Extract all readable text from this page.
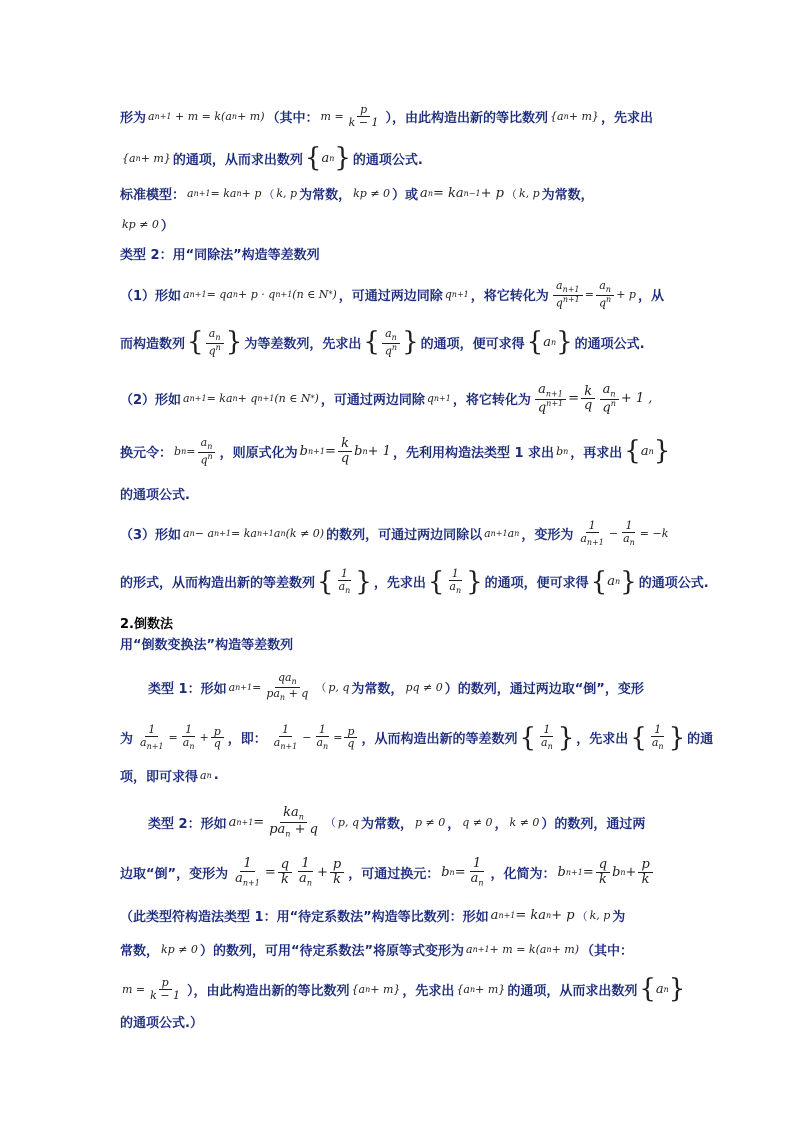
形为 a n+1 + m = k(a n + m) （其中： $m = \frac{p}{k - 1}$ ），由此构造出新的等比数列 {a n + m} ，先求出
{a n + m} 的通项，从而求出数列 { a n } 的通项公式.
标准模型： a n+1 = ka n + p （ k, p 为常数， kp ≠ 0 ）或 a n = ka n−1 + p （ k, p 为常数，
kp ≠ 0 ）
类型 2：用“同除法”构造等差数列
（1）形如 a n+1 = qa n + p · q n+1 (n ∈ N * ) ，可通过两边同除 q n+1 ，将它转化为 $\frac{a_{n+1}}{q^{n+1}} = \frac{a_n}{q^n} + p$ ，从
而构造数列 { $\frac{a_n}{q^n}$ } 为等差数列，先求出 { $\frac{a_n}{q^n}$ } 的通项，便可求得 { a n } 的通项公式.
（2）形如 a n+1 = ka n + q n+1 (n ∈ N * ) ，可通过两边同除 q n+1 ，将它转化为 $\frac{a_{n+1}}{q^{n+1}} = \frac{k}{q} \frac{a_n}{q^n} + 1$ ,
换元令： b $n = \frac{a_n}{q^n}$ ，则原式化为 b $n+1 = \frac{k}{q}$ b n + 1 ，先利用构造法类型 1 求出 b n ，再求出 { a n }
的通项公式.
（3）形如 a n − a n+1 = ka n+1 a n (k ≠ 0) 的数列，可通过两边同除以 a n+1 a n ，变形为 $\frac{1}{a_{n+1}} - \frac{1}{a_n} = -k$
的形式，从而构造出新的等差数列 { $\frac{1}{a_n}$ } ，先求出 { $\frac{1}{a_n}$ } 的通项，便可求得 { a n } 的通项公式.
2.倒数法
用“倒数变换法”构造等差数列
类型 1：形如 a $n+1 = \frac{qa_n}{pa_n + q}$ （ p, q 为常数， pq ≠ 0 ）的数列，通过两边取“倒”，变形
为 $\frac{1}{a_{n+1}} = \frac{1}{a_n} + \frac{p}{q}$ ，即： $\frac{1}{a_{n+1}} - \frac{1}{a_n} = \frac{p}{q}$ ，从而构造出新的等差数列 { $\frac{1}{a_n}$ } ，先求出 { $\frac{1}{a_n}$ } 的通
项，即可求得 a n .
类型 2：形如 a $n+1 = \frac{ka_n}{pa_n + q}$ （ p, q 为常数， p ≠ 0 ， q ≠ 0 ， k ≠ 0 ）的数列，通过两
边取“倒”，变形为 $\frac{1}{a_{n+1}} = \frac{q}{k} \frac{1}{a_n} + \frac{p}{k}$ ，可通过换元： b $n = \frac{1}{a_n}$ ，化简为： b $n+1 = \frac{q}{k}$ b $n + \frac{p}{k}$
（此类型符构造法类型 1：用“待定系数法”构造等比数列：形如 a n+1 = ka n + p （ k, p 为
常数， kp ≠ 0 ）的数列，可用“待定系数法”将原等式变形为 a n+1 + m = k(a n + m) （其中：
$m = \frac{p}{k - 1}$ ），由此构造出新的等比数列 {a n + m} ，先求出 {a n + m} 的通项，从而求出数列 { a n }
的通项公式.）
